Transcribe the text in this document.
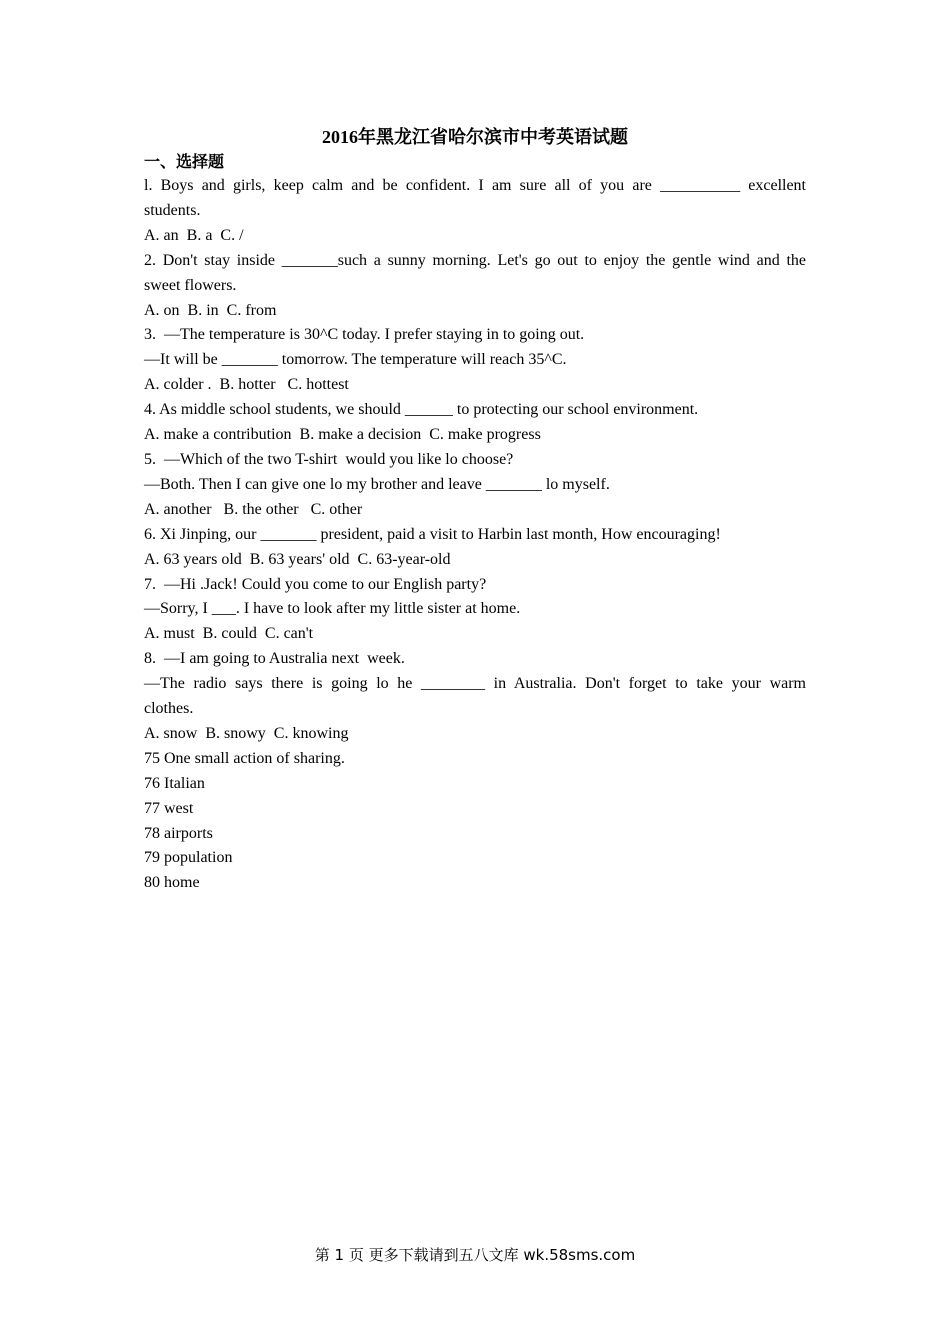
2016年黑龙江省哈尔滨市中考英语试题
一、选择题

l. Boys and girls, keep calm and be confident. I am sure all of you are __________ excellent

students.

A. an  B. a  C. /

2. Don't stay inside _______such a sunny morning. Let's go out to enjoy the gentle wind and the

sweet flowers.

A. on  B. in  C. from

3.  —The temperature is 30^C today. I prefer staying in to going out.

—It will be _______ tomorrow. The temperature will reach 35^C.

A. colder .  B. hotter   C. hottest

4. As middle school students, we should ______ to protecting our school environment.

A. make a contribution  B. make a decision  C. make progress

5.  —Which of the two T-shirt  would you like lo choose?

—Both. Then I can give one lo my brother and leave _______ lo myself.

A. another   B. the other   C. other

6. Xi Jinping, our _______ president, paid a visit to Harbin last month, How encouraging!

A. 63 years old  B. 63 years' old  C. 63-year-old

7.  —Hi .Jack! Could you come to our English party?

—Sorry, I ___. I have to look after my little sister at home.

A. must  B. could  C. can't

8.  —I am going to Australia next  week.

—The radio says there is going lo he ________ in Australia. Don't forget to take your warm

clothes.

A. snow  B. snowy  C. knowing

75 One small action of sharing.

76 Italian

77 west

78 airports

79 population

80 home

第 1 页 更多下载请到五八文库 wk.58sms.com
